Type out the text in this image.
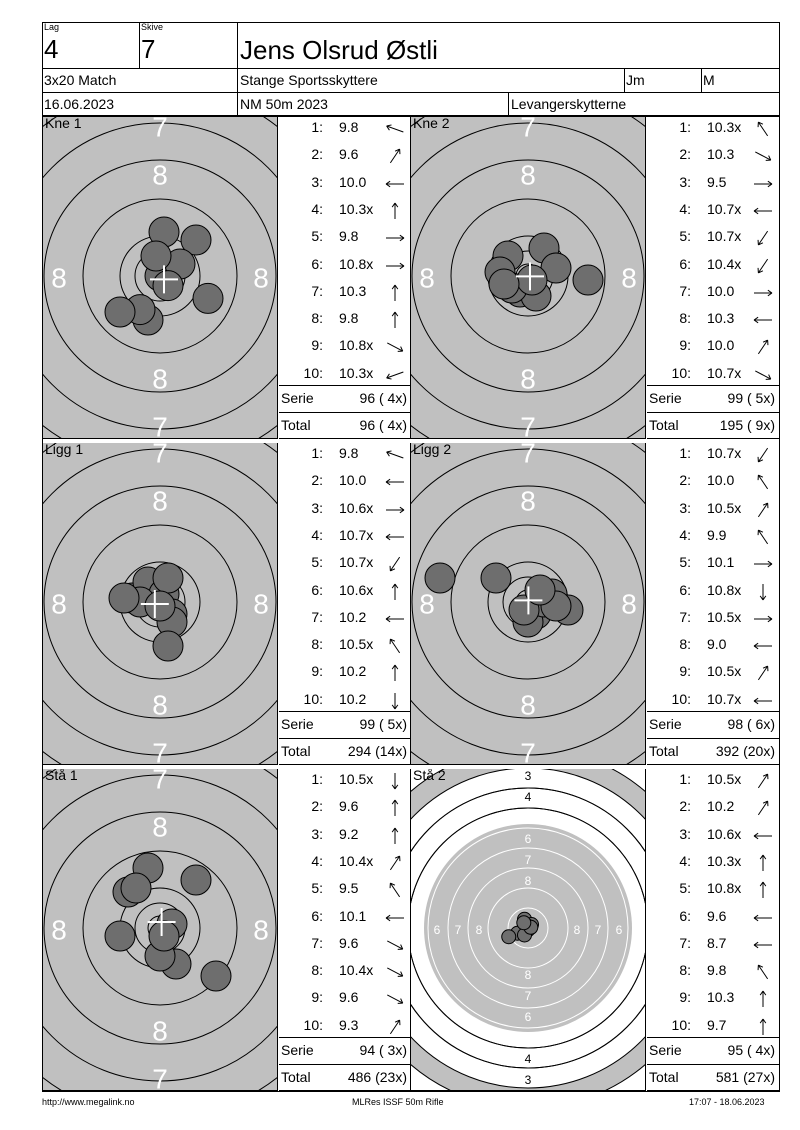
Lag
4
Skive
7	Jens Olsrud Østli
3x20 Match	Stange Sportsskyttere	Jm	M
16.06.2023	NM 50m 2023	Levangerskytterne
7
7
8
8
8	8
Kne 1	1: 9.8
2: 9.6
3: 10.0
4: 10.3x
5: 9.8
6: 10.8x
7: 10.3
8: 9.8
9: 10.8x
10: 10.3x
Serie	96 ( 4x)
Total	96 ( 4x)
7
7
8
8
8	8
Kne 2	1: 10.3x
2: 10.3
3: 9.5
4: 10.7x
5: 10.7x
6: 10.4x
7: 10.0
8: 10.3
9: 10.0
10: 10.7x
Serie	99 ( 5x)
Total	195 ( 9x)
7
7
8
8
8	8
Ligg 1	1: 9.8
2: 10.0
3: 10.6x
4: 10.7x
5: 10.7x
6: 10.6x
7: 10.2
8: 10.5x
9: 10.2
10: 10.2
Serie	99 ( 5x)
Total	294 (14x)
7
7
8
8
8	8
Ligg 2	1: 10.7x
2: 10.0
3: 10.5x
4: 9.9
5: 10.1
6: 10.8x
7: 10.5x
8: 9.0
9: 10.5x
10: 10.7x
Serie	98 ( 6x)
Total	392 (20x)
7
7
8
8
8	8
Stå 1	1: 10.5x
2: 9.6
3: 9.2
4: 10.4x
5: 9.5
6: 10.1
7: 9.6
8: 10.4x
9: 9.6
10: 9.3
Serie	94 ( 3x)
Total	486 (23x)
3
3
4
4
5
5
6
6
7
7
8
8
5	5
6	6
7	7
8	8
Stå 2	1: 10.5x
2: 10.2
3: 10.6x
4: 10.3x
5: 10.8x
6: 9.6
7: 8.7
8: 9.8
9: 10.3
10: 9.7
Serie	95 ( 4x)
Total	581 (27x)
http://www.megalink.no	MLRes ISSF 50m Rifle	17:07 - 18.06.2023
